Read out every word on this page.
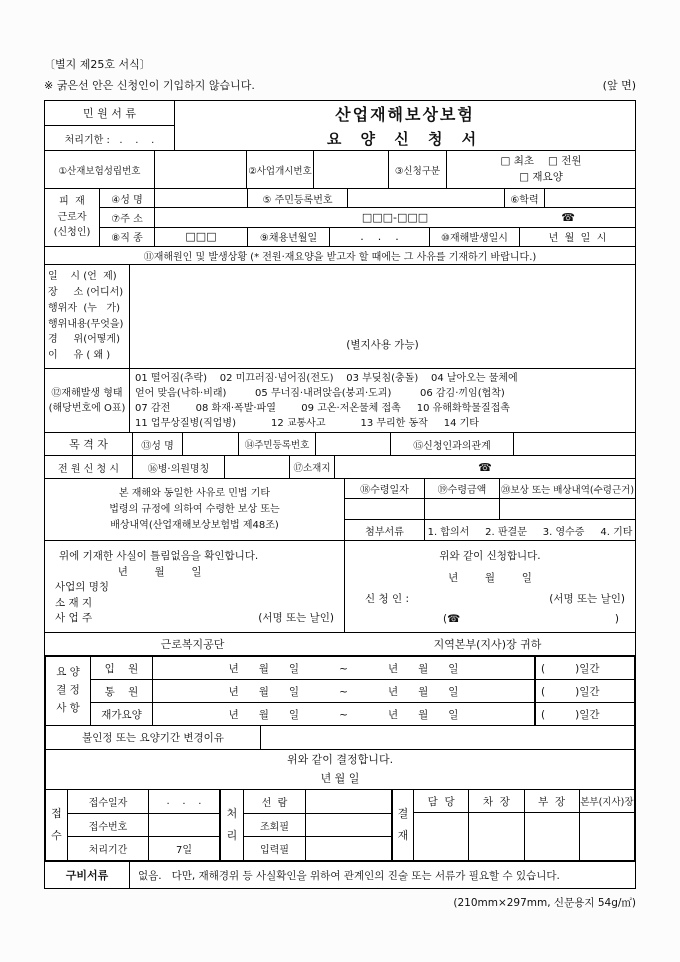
〔별지 제25호 서식〕
※ 굵은선 안은 신청인이 기입하지 않습니다.	(앞 면)
민 원 서 류
처리기한 :   .    .    .
산업재해보상보험
요 양 신 청 서
①산재보험성립번호	②사업개시번호	③신청구분
□ 최초 □ 전원
□ 재요양
피  재
근로자
(신청인)
④성 명	⑤ 주민등록번호	⑥학력
⑦주 소	□□□-□□□	☎
⑧직 종	□□□	⑨채용년월일	.    .    .	⑩재해발생일시	년  월  일  시
⑪재해원인 및 발생상황 (* 전원·재요양을 받고자 할 때에는 그 사유를 기재하기 바랍니다.)
일    시 (언  제)
장     소 (어디서)
행위자  (누   가)
행위내용(무엇을)
경     위(어떻게)
이     유 ( 왜 )
(별지사용 가능)
⑫재해발생 형태
(해당번호에 O표)
01 떨어짐(추락)    02 미끄러짐·넘어짐(전도)    03 부딪침(충돌)    04 날아오는 물체에
얻어 맞음(낙하·비래)         05 무너짐·내려앉음(붕괴·도괴)         06 감김·끼임(협착)
07 감전        08 화재·폭발·파열        09 고온·저온물체 접촉     10 유해화학물질접촉
11 업무상질병(직업병)           12 교통사고           13 무리한 동작     14 기타
목 격 자	⑬성 명	⑭주민등록번호	⑮신청인과의관계
전 원 신 청 시	⑯병·의원명칭	⑰소재지	☎
본 재해와 동일한 사유로 민법 기타
법령의 규정에 의하여 수령한 보상 또는
배상내역(산업재해보상보험법 제48조)
⑱수령일자	⑲수령금액	⑳보상 또는 배상내역(수령근거)
첨부서류	1. 합의서     2. 판결문     3. 영수증     4. 기타
위에 기재한 사실이 틀림없음을 확인합니다.
년        월        일
사업의 명칭
소 재 지
사 업 주	(서명 또는 날인)
위와 같이 신청합니다.
년        월        일
신 청 인 :	(서명 또는 날인)
(☎	)
근로복지공단	지역본부(지사)장 귀하
요 양
결 정
사 항
입    원	년      월      일            ~            년      월      일	(         )일간
통    원	년      월      일            ~            년      월      일	(         )일간
재가요양	년      월      일            ~            년      월      일	(         )일간
불인정 또는 요양기간 변경이유
위와 같이 결정합니다.
년 월 일
접
수
접수일자	.    .    .
접수번호
처리기간	7일
처
리
선  람
조회필
입력필
결
재
담  당	차  장	부  장	본부(지사)장
구비서류	없음.   다만, 재해경위 등 사실확인을 위하여 관계인의 진술 또는 서류가 필요할 수 있습니다.
(210mm×297mm, 신문용지 54g/㎡)
